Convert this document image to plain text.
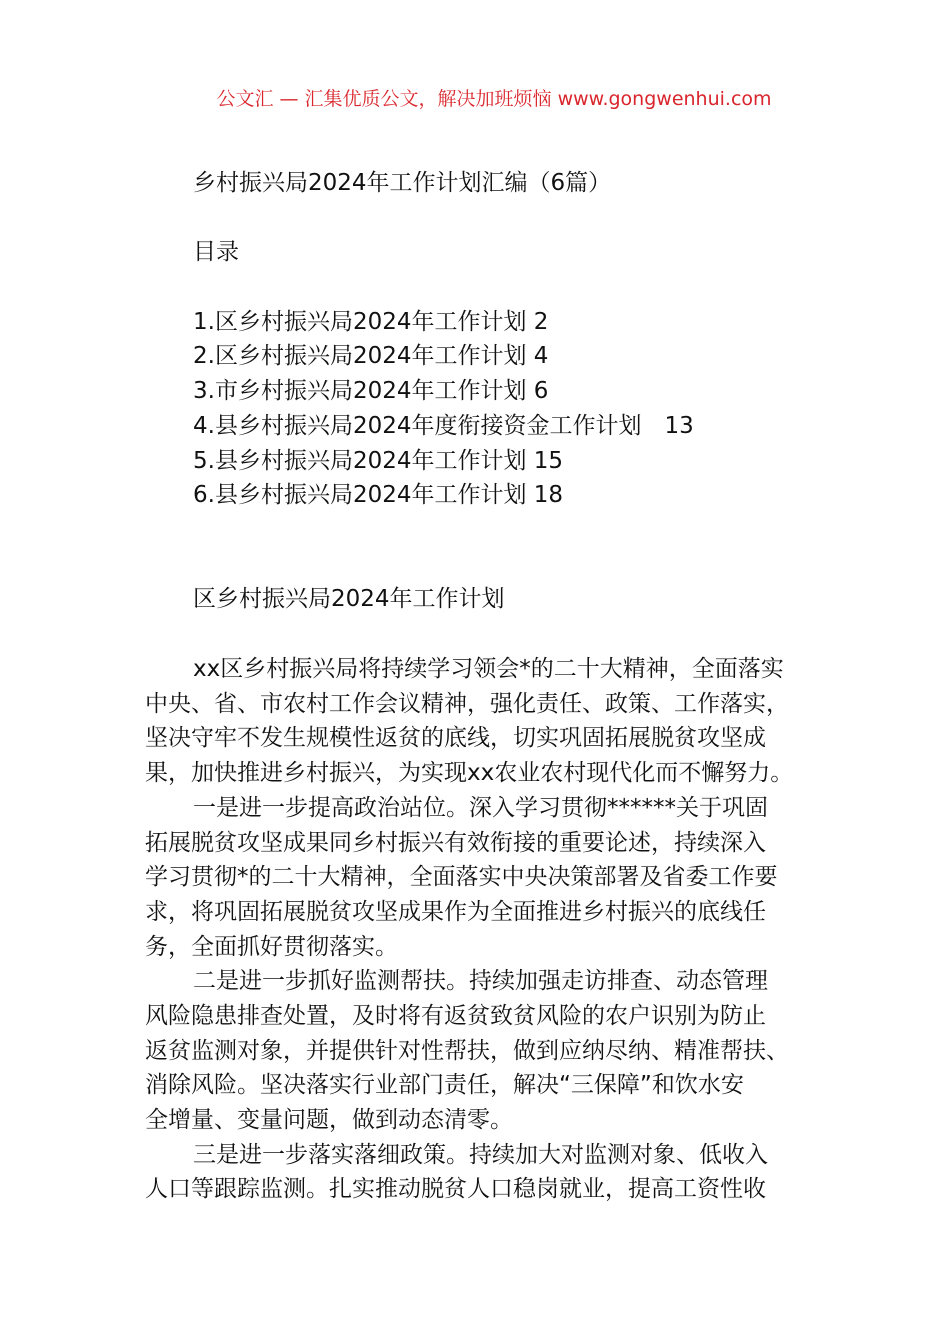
公文汇 — 汇集优质公文，解决加班烦恼 www.gongwenhui.com
乡村振兴局2024年工作计划汇编（6篇）
目录
1.区乡村振兴局2024年工作计划 2
2.区乡村振兴局2024年工作计划 4
3.市乡村振兴局2024年工作计划 6
4.县乡村振兴局2024年度衔接资金工作计划　13
5.县乡村振兴局2024年工作计划 15
6.县乡村振兴局2024年工作计划 18
区乡村振兴局2024年工作计划
xx区乡村振兴局将持续学习领会*的二十大精神，全面落实
中央、省、市农村工作会议精神，强化责任、政策、工作落实，
坚决守牢不发生规模性返贫的底线，切实巩固拓展脱贫攻坚成
果，加快推进乡村振兴，为实现xx农业农村现代化而不懈努力。
一是进一步提高政治站位。深入学习贯彻******关于巩固
拓展脱贫攻坚成果同乡村振兴有效衔接的重要论述，持续深入
学习贯彻*的二十大精神，全面落实中央决策部署及省委工作要
求，将巩固拓展脱贫攻坚成果作为全面推进乡村振兴的底线任
务，全面抓好贯彻落实。
二是进一步抓好监测帮扶。持续加强走访排查、动态管理
风险隐患排查处置，及时将有返贫致贫风险的农户识别为防止
返贫监测对象，并提供针对性帮扶，做到应纳尽纳、精准帮扶、
消除风险。坚决落实行业部门责任，解决“三保障”和饮水安
全增量、变量问题，做到动态清零。
三是进一步落实落细政策。持续加大对监测对象、低收入
人口等跟踪监测。扎实推动脱贫人口稳岗就业，提高工资性收
